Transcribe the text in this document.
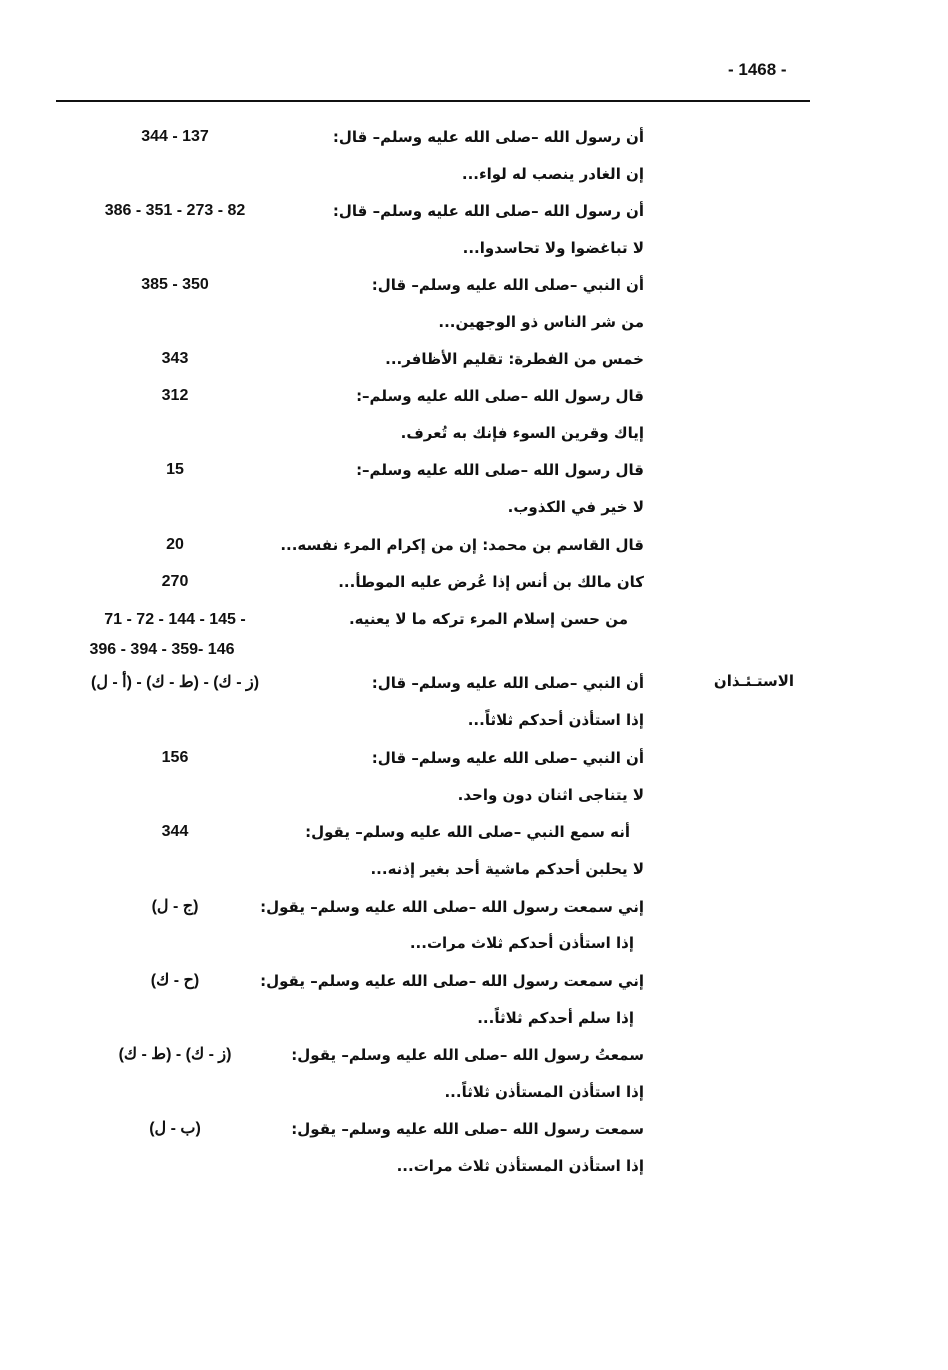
- 1468 -
الاستـئـذان
أن رسول الله –صلى الله عليه وسلم– قال:
344 - 137
إن الغادر ينصب له لواء...
أن رسول الله –صلى الله عليه وسلم– قال:
386 - 351 - 273 - 82
لا تباغضوا ولا تحاسدوا...
أن النبي –صلى الله عليه وسلم– قال:
385 - 350
من شر الناس ذو الوجهين...
خمس من الفطرة: تقليم الأظافر...
343
قال رسول الله –صلى الله عليه وسلم–:
312
إياك وقرين السوء فإنك به تُعرف.
قال رسول الله –صلى الله عليه وسلم–:
15
لا خير في الكذوب.
قال القاسم بن محمد: إن من إكرام المرء نفسه...
20
كان مالك بن أنس إذا عُرض عليه الموطأ...
270
من حسن إسلام المرء تركه ما لا يعنيه.
71 - 72 - 144 - 145 -
396 - 394 - 359- 146
أن النبي –صلى الله عليه وسلم– قال:
(ز - ك) - (ط - ك) - (أ - ل)
إذا استأذن أحدكم ثلاثاً...
أن النبي –صلى الله عليه وسلم– قال:
156
لا يتناجى اثنان دون واحد.
أنه سمع النبي –صلى الله عليه وسلم– يقول:
344
لا يحلبن أحدكم ماشية أحد بغير إذنه...
إني سمعت رسول الله –صلى الله عليه وسلم– يقول:
(ج - ل)
إذا استأذن أحدكم ثلاث مرات...
إني سمعت رسول الله –صلى الله عليه وسلم– يقول:
(ح - ك)
إذا سلم أحدكم ثلاثاً...
سمعتُ رسول الله –صلى الله عليه وسلم– يقول:
(ز - ك) - (ط - ك)
إذا استأذن المستأذن ثلاثاً...
سمعت رسول الله –صلى الله عليه وسلم– يقول:
(ب - ل)
إذا استأذن المستأذن ثلاث مرات...
